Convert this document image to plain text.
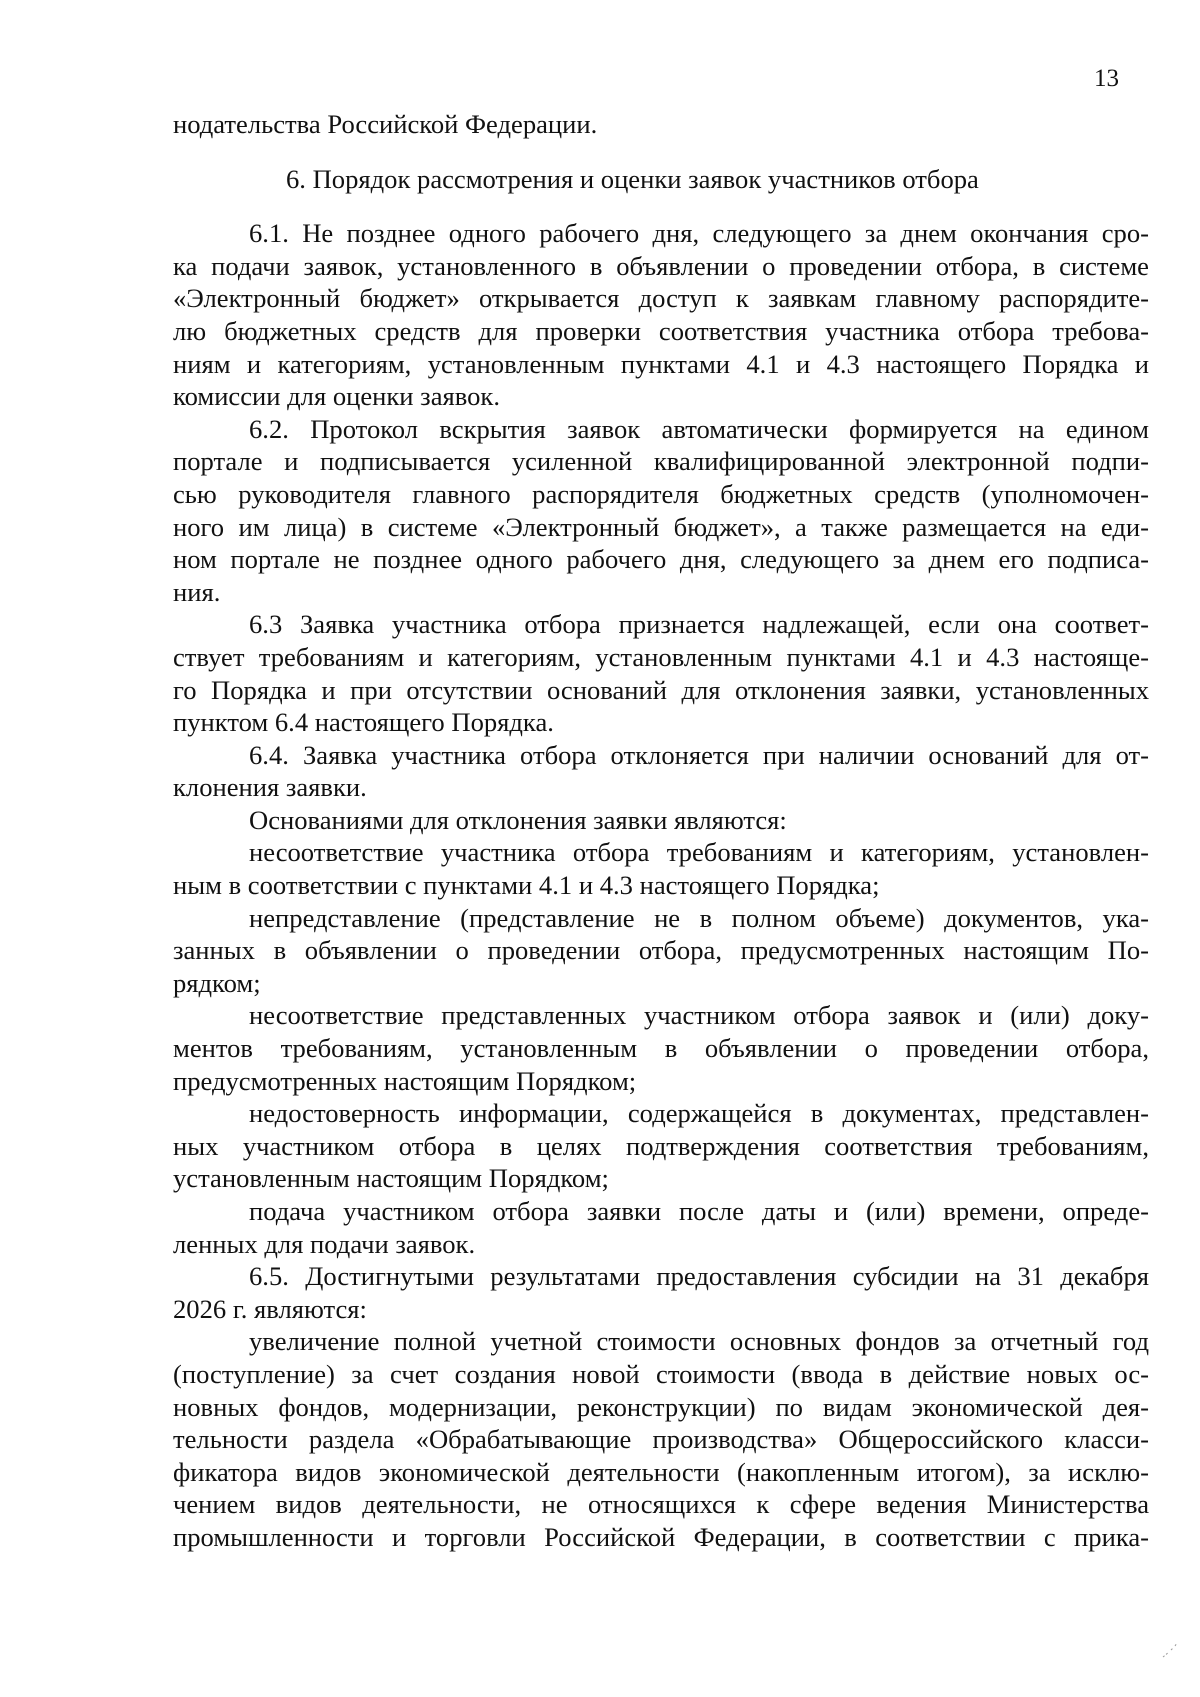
13
нодательства Российской Федерации.
6. Порядок рассмотрения и оценки заявок участников отбора
6.1. Не позднее одного рабочего дня, следующего за днем окончания сро-
ка подачи заявок, установленного в объявлении о проведении отбора, в системе
«Электронный бюджет» открывается доступ к заявкам главному распорядите-
лю бюджетных средств для проверки соответствия участника отбора требова-
ниям и категориям, установленным пунктами 4.1 и 4.3 настоящего Порядка и
комиссии для оценки заявок.
6.2. Протокол вскрытия заявок автоматически формируется на едином
портале и подписывается усиленной квалифицированной электронной подпи-
сью руководителя главного распорядителя бюджетных средств (уполномочен-
ного им лица) в системе «Электронный бюджет», а также размещается на еди-
ном портале не позднее одного рабочего дня, следующего за днем его подписа-
ния.
6.3 Заявка участника отбора признается надлежащей, если она соответ-
ствует требованиям и категориям, установленным пунктами 4.1 и 4.3 настояще-
го Порядка и при отсутствии оснований для отклонения заявки, установленных
пунктом 6.4 настоящего Порядка.
6.4. Заявка участника отбора отклоняется при наличии оснований для от-
клонения заявки.
Основаниями для отклонения заявки являются:
несоответствие участника отбора требованиям и категориям, установлен-
ным в соответствии с пунктами 4.1 и 4.3 настоящего Порядка;
непредставление (представление не в полном объеме) документов, ука-
занных в объявлении о проведении отбора, предусмотренных настоящим По-
рядком;
несоответствие представленных участником отбора заявок и (или) доку-
ментов требованиям, установленным в объявлении о проведении отбора,
предусмотренных настоящим Порядком;
недостоверность информации, содержащейся в документах, представлен-
ных участником отбора в целях подтверждения соответствия требованиям,
установленным настоящим Порядком;
подача участником отбора заявки после даты и (или) времени, опреде-
ленных для подачи заявок.
6.5. Достигнутыми результатами предоставления субсидии на 31 декабря
2026 г. являются:
увеличение полной учетной стоимости основных фондов за отчетный год
(поступление) за счет создания новой стоимости (ввода в действие новых ос-
новных фондов, модернизации, реконструкции) по видам экономической дея-
тельности раздела «Обрабатывающие производства» Общероссийского класси-
фикатора видов экономической деятельности (накопленным итогом), за исклю-
чением видов деятельности, не относящихся к сфере ведения Министерства
промышленности и торговли Российской Федерации, в соответствии с прика-
